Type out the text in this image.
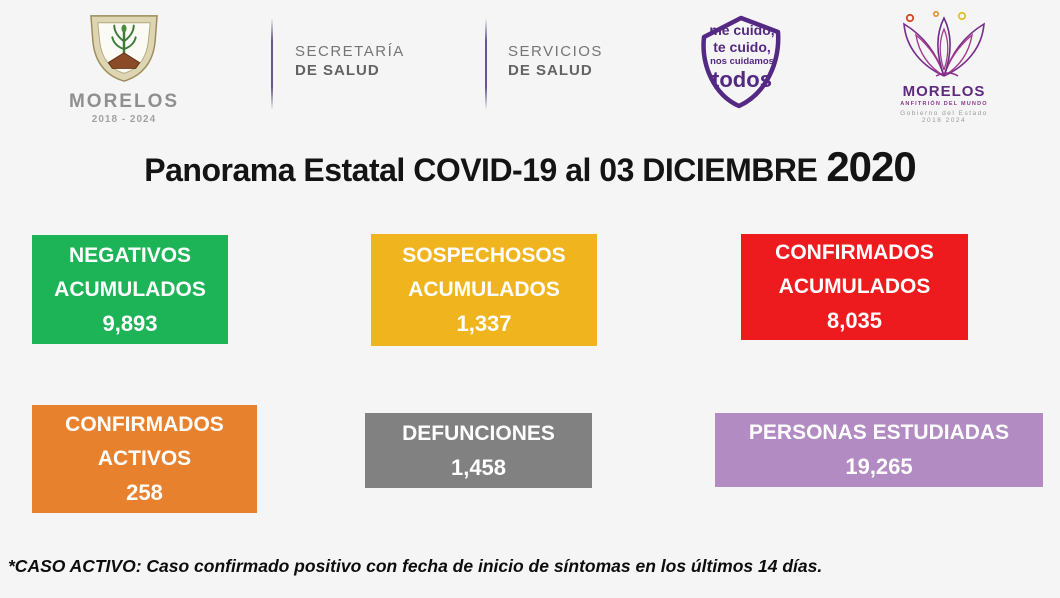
MORELOS
2018 - 2024
SECRETARÍA
DE SALUD
SERVICIOS
DE SALUD
me cuido,
te cuido,
nos cuidamos
todos	MORELOS
ANFITRIÓN DEL MUNDO
Gobierno del Estado
2018 2024
Panorama Estatal COVID-19 al 03 DICIEMBRE 2020
NEGATIVOS
ACUMULADOS
9,893
SOSPECHOSOS
ACUMULADOS
1,337
CONFIRMADOS
ACUMULADOS
8,035
CONFIRMADOS
ACTIVOS
258
DEFUNCIONES
1,458
PERSONAS ESTUDIADAS
19,265
*CASO ACTIVO: Caso confirmado positivo con fecha de inicio de síntomas en los últimos 14 días.
